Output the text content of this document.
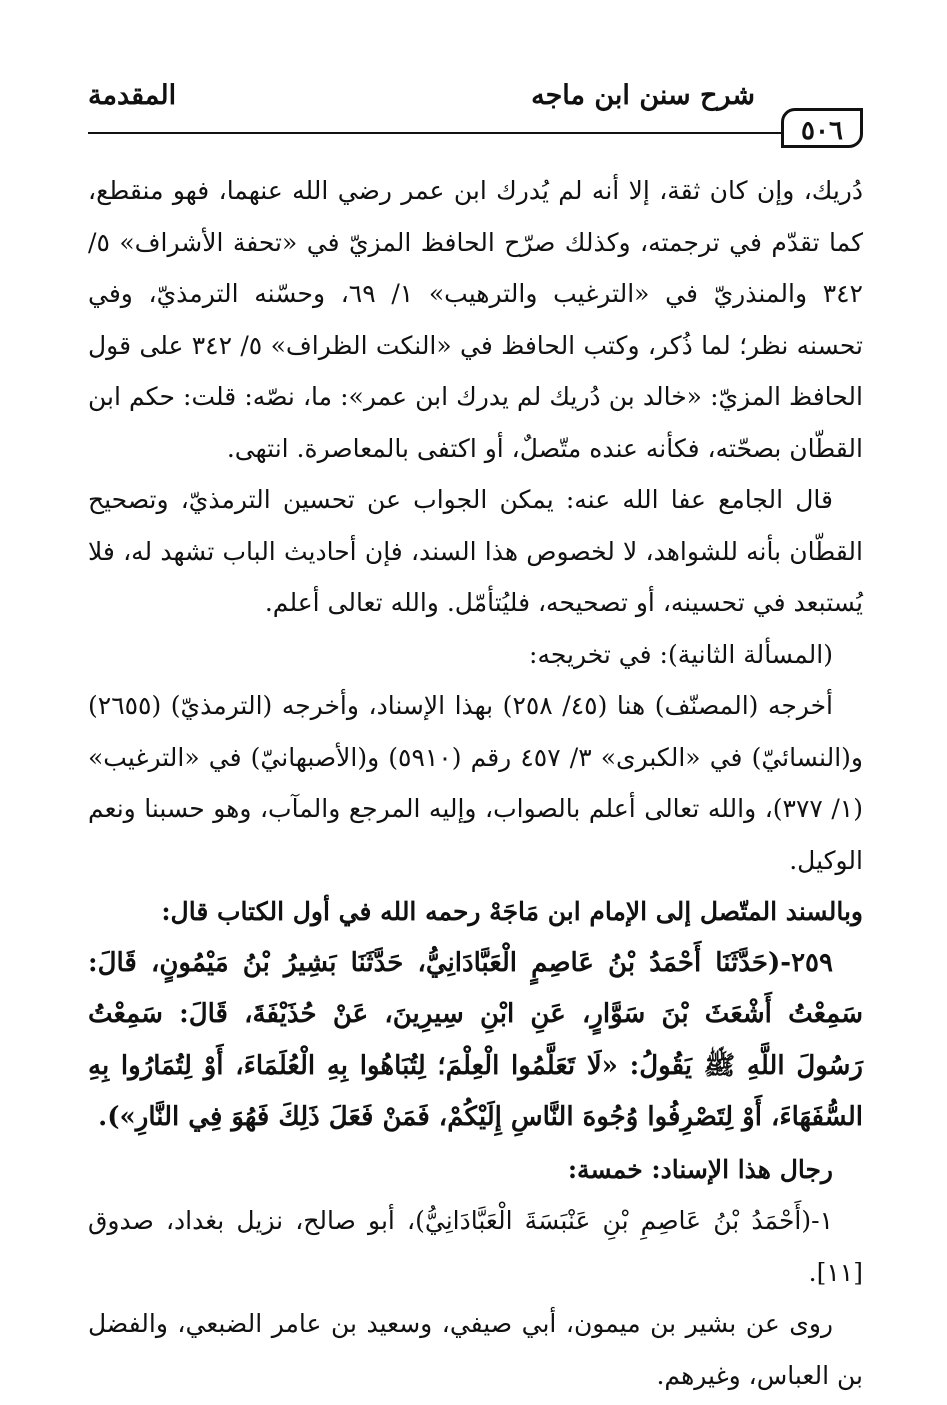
٥٠٦
شرح سنن ابن ماجه
المقدمة

دُريك، وإن كان ثقة، إلا أنه لم يُدرك ابن عمر رضي الله عنهما، فهو منقطع، كما تقدّم في ترجمته، وكذلك صرّح الحافظ المزيّ في «تحفة الأشراف» ٥/ ٣٤٢ والمنذريّ في «الترغيب والترهيب» ١/ ٦٩، وحسّنه الترمذيّ، وفي تحسنه نظر؛ لما ذُكر، وكتب الحافظ في «النكت الظراف» ٥/ ٣٤٢ على قول الحافظ المزيّ: «خالد بن دُريك لم يدرك ابن عمر»: ما، نصّه: قلت: حكم ابن القطّان بصحّته، فكأنه عنده متّصلٌ، أو اكتفى بالمعاصرة. انتهى.

قال الجامع عفا الله عنه: يمكن الجواب عن تحسين الترمذيّ، وتصحيح القطّان بأنه للشواهد، لا لخصوص هذا السند، فإن أحاديث الباب تشهد له، فلا يُستبعد في تحسينه، أو تصحيحه، فليُتأمّل. والله تعالى أعلم.

(المسألة الثانية): في تخريجه:

أخرجه (المصنّف) هنا (٤٥/ ٢٥٨) بهذا الإسناد، وأخرجه (الترمذيّ) (٢٦٥٥) و(النسائيّ) في «الكبرى» ٣/ ٤٥٧ رقم (٥٩١٠) و(الأصبهانيّ) في «الترغيب» (١/ ٣٧٧)، والله تعالى أعلم بالصواب، وإليه المرجع والمآب، وهو حسبنا ونعم الوكيل.

وبالسند المتّصل إلى الإمام ابن مَاجَهْ رحمه الله في أول الكتاب قال:

٢٥٩-(حَدَّثَنَا أَحْمَدُ بْنُ عَاصِمٍ الْعَبَّادَانِيُّ، حَدَّثَنَا بَشِيرُ بْنُ مَيْمُونٍ، قَالَ: سَمِعْتُ أَشْعَثَ بْنَ سَوَّارٍ، عَنِ ابْنِ سِيرِينَ، عَنْ حُذَيْفَةَ، قَالَ: سَمِعْتُ رَسُولَ اللَّهِ ﷺ يَقُولُ: «لَا تَعَلَّمُوا الْعِلْمَ؛ لِتُبَاهُوا بِهِ الْعُلَمَاءَ، أَوْ لِتُمَارُوا بِهِ السُّفَهَاءَ، أَوْ لِتَصْرِفُوا وُجُوهَ النَّاسِ إِلَيْكُمْ، فَمَنْ فَعَلَ ذَلِكَ فَهُوَ فِي النَّارِ»).

رجال هذا الإسناد: خمسة:

١-(أَحْمَدُ بْنُ عَاصِمِ بْنِ عَنْبَسَةَ الْعَبَّادَانِيُّ)، أبو صالح، نزيل بغداد، صدوق [١١].

روى عن بشير بن ميمون، أبي صيفي، وسعيد بن عامر الضبعي، والفضل بن العباس، وغيرهم.
